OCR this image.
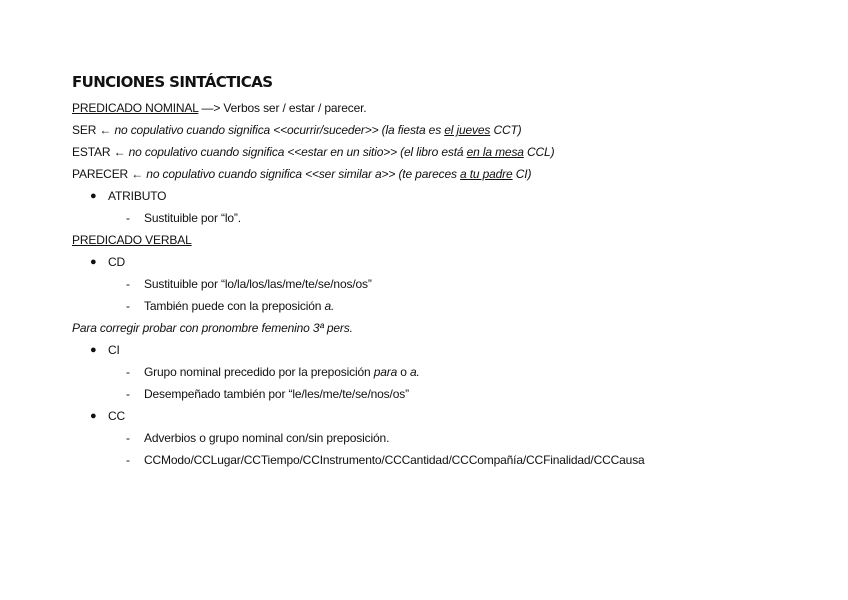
FUNCIONES SINTÁCTICAS
PREDICADO NOMINAL —> Verbos ser / estar / parecer.
SER ← no copulativo cuando significa <<ocurrir/suceder>> (la fiesta es el jueves CCT)
ESTAR ← no copulativo cuando significa <<estar en un sitio>> (el libro está en la mesa CCL)
PARECER ← no copulativo cuando significa <<ser similar a>> (te pareces a tu padre CI)
● ATRIBUTO
- Sustituible por “lo”.
PREDICADO VERBAL
● CD
- Sustituible por “lo/la/los/las/me/te/se/nos/os”
- También puede con la preposición a.
Para corregir probar con pronombre femenino 3ª pers.
● CI
- Grupo nominal precedido por la preposición para o a.
- Desempeñado también por “le/les/me/te/se/nos/os”
● CC
- Adverbios o grupo nominal con/sin preposición.
- CCModo/CCLugar/CCTiempo/CCInstrumento/CCCantidad/CCCompañía/CCFinalidad/CCCausa
